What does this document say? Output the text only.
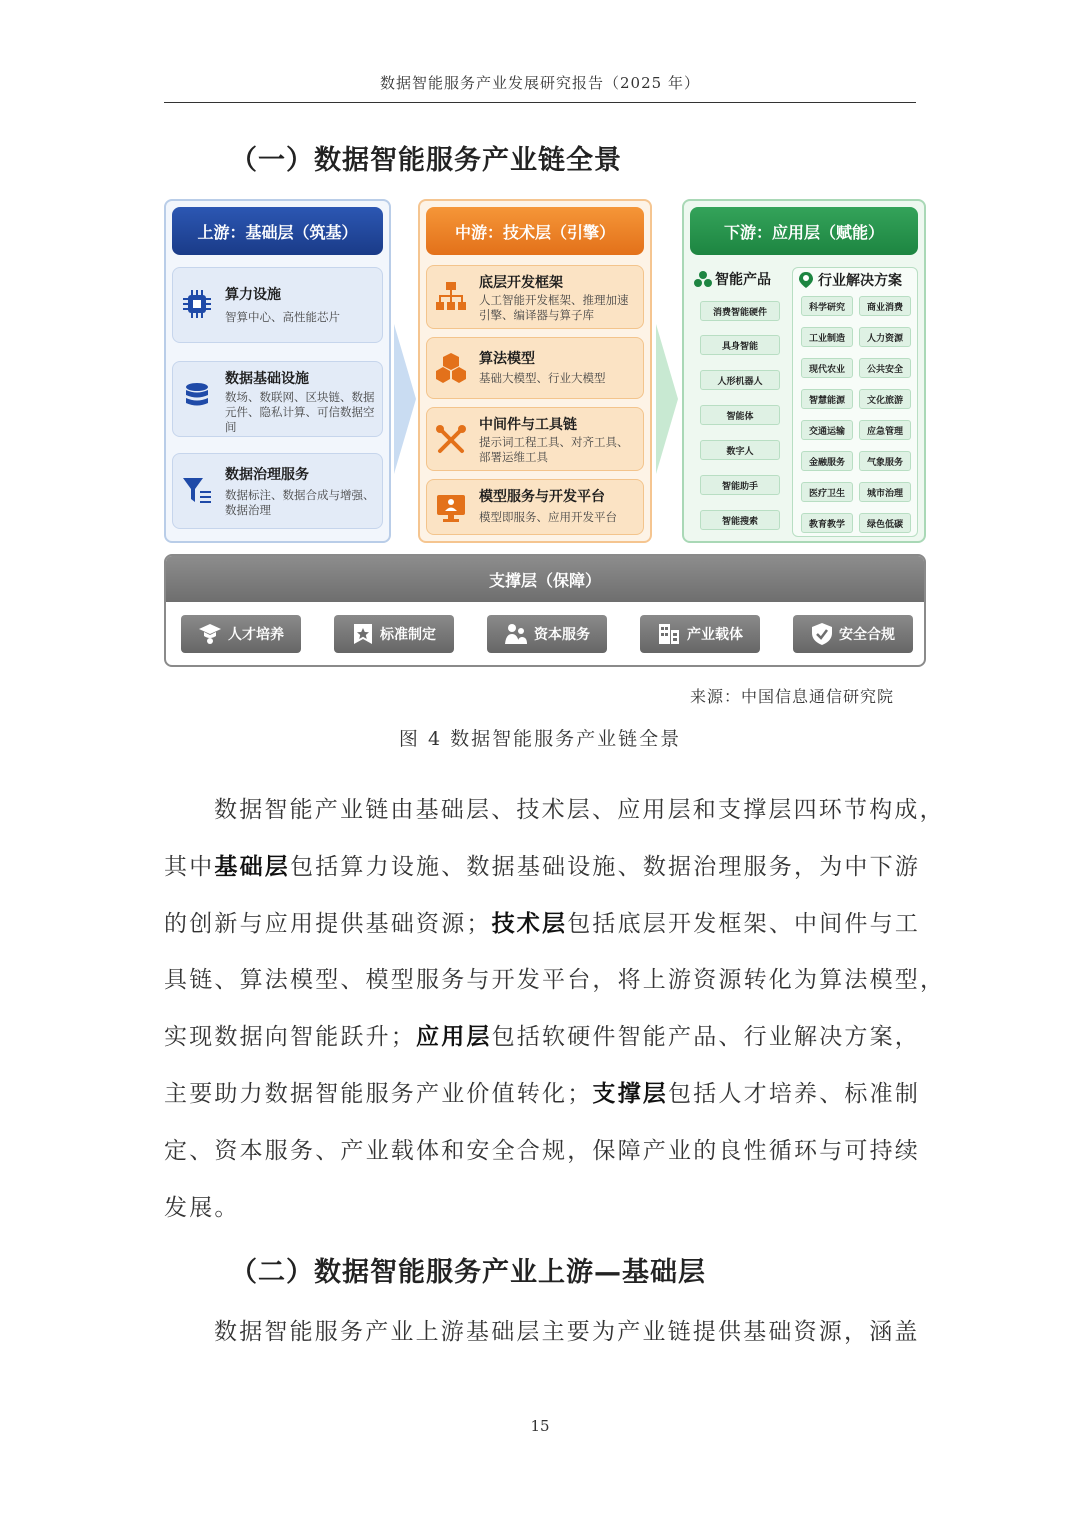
数据智能服务产业发展研究报告（2025 年）
（一）数据智能服务产业链全景
上游：基础层（筑基）
算力设施
智算中心、高性能芯片
数据基础设施
数场、数联网、区块链、数据元件、隐私计算、可信数据空间
数据治理服务
数据标注、数据合成与增强、数据治理
中游：技术层（引擎）
底层开发框架
人工智能开发框架、推理加速引擎、编译器与算子库
算法模型
基础大模型、行业大模型
中间件与工具链
提示词工程工具、对齐工具、部署运维工具
模型服务与开发平台
模型即服务、应用开发平台
下游：应用层（赋能）
智能产品
消费智能硬件
具身智能
人形机器人
智能体
数字人
智能助手
智能搜索
行业解决方案
科学研究	商业消费
工业制造	人力资源
现代农业	公共安全
智慧能源	文化旅游
交通运输	应急管理
金融服务	气象服务
医疗卫生	城市治理
教育教学	绿色低碳
支撑层（保障）
人才培养	标准制定	资本服务	产业载体	安全合规
来源：中国信息通信研究院
图 4 数据智能服务产业链全景
数据智能产业链由基础层、技术层、应用层和支撑层四环节构成，
其中基础层包括算力设施、数据基础设施、数据治理服务，为中下游
的创新与应用提供基础资源；技术层包括底层开发框架、中间件与工
具链、算法模型、模型服务与开发平台，将上游资源转化为算法模型，
实现数据向智能跃升；应用层包括软硬件智能产品、行业解决方案，
主要助力数据智能服务产业价值转化；支撑层包括人才培养、标准制
定、资本服务、产业载体和安全合规，保障产业的良性循环与可持续
发展。
（二）数据智能服务产业上游—基础层
数据智能服务产业上游基础层主要为产业链提供基础资源，涵盖
15
